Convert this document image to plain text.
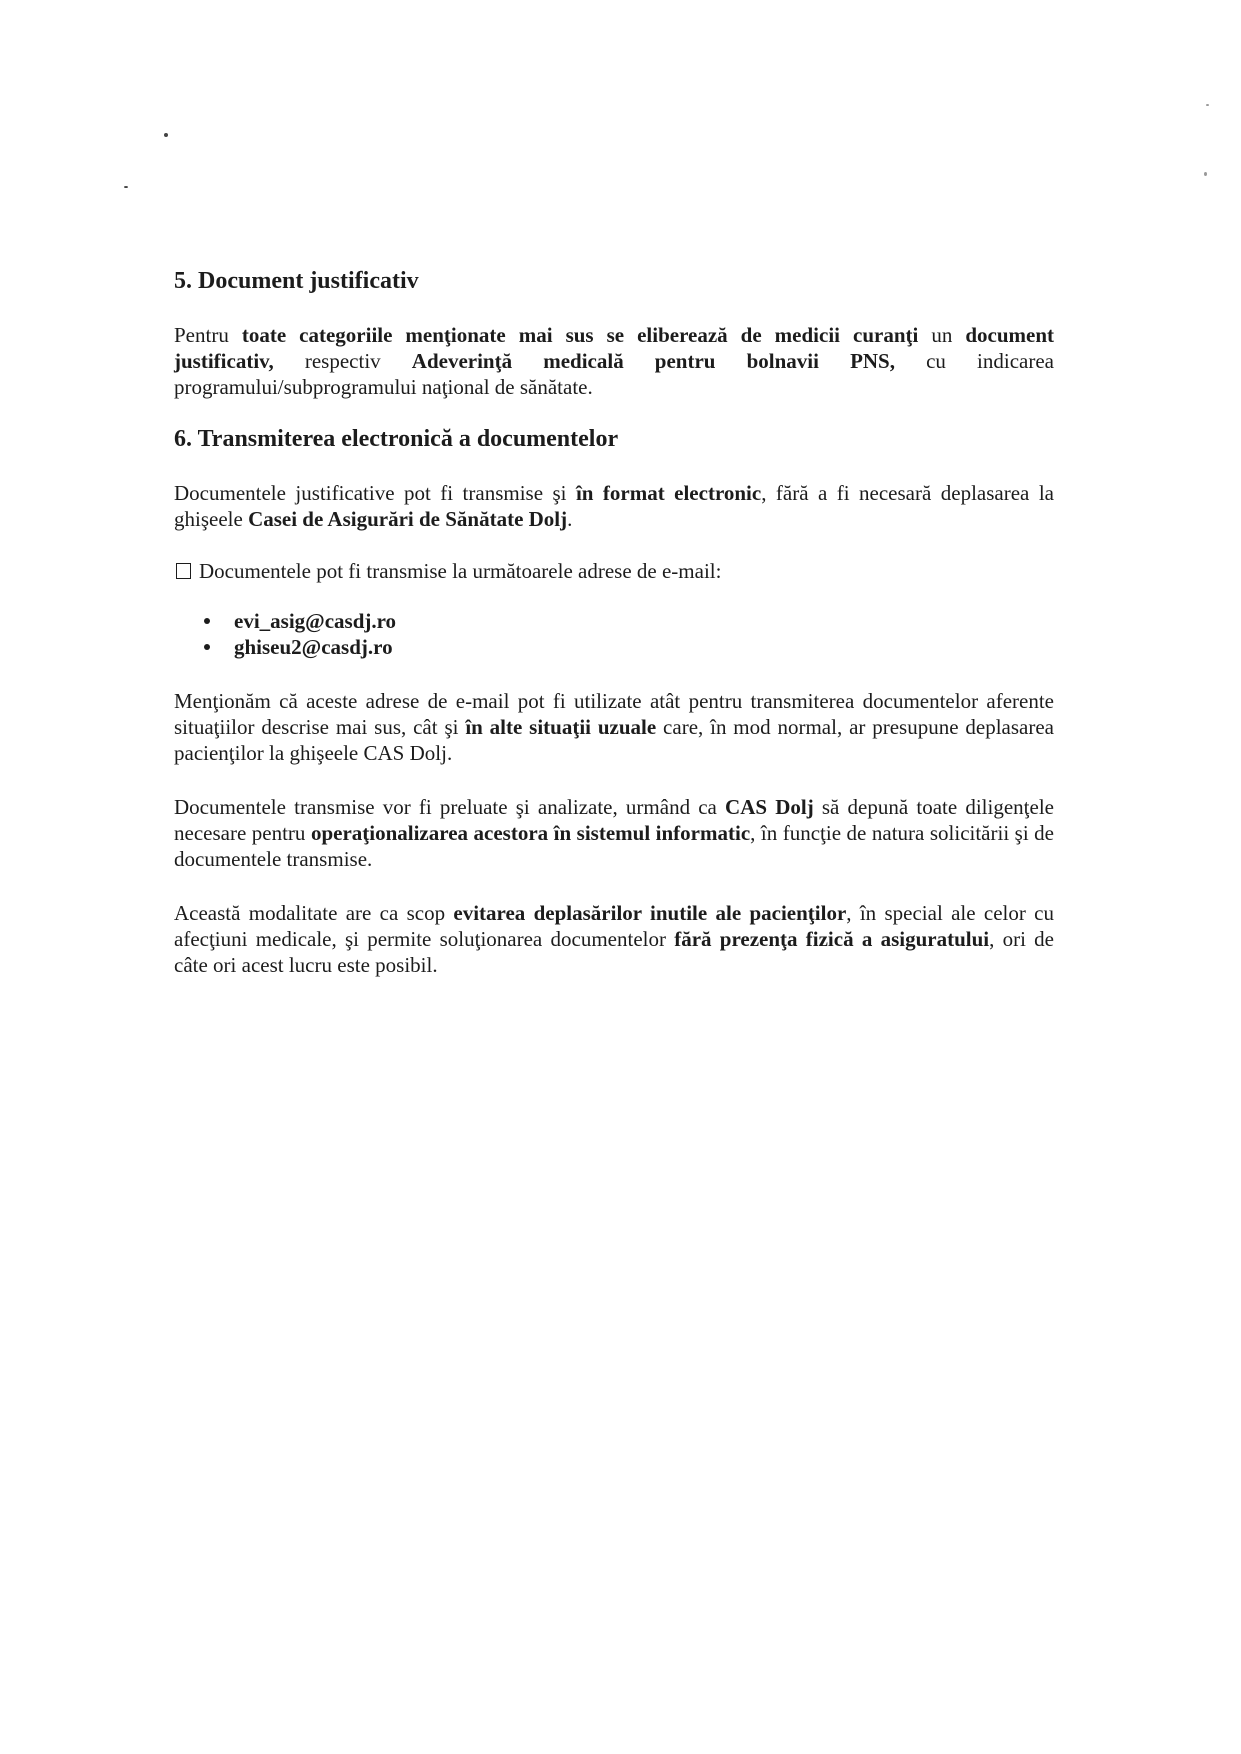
5. Document justificativ

Pentru toate categoriile menţionate mai sus se eliberează de medicii curanţi un document justificativ, respectiv Adeverinţă medicală pentru bolnavii PNS, cu indicarea programului/subprogramului naţional de sănătate.

6. Transmiterea electronică a documentelor

Documentele justificative pot fi transmise şi în format electronic, fără a fi necesară deplasarea la ghişeele Casei de Asigurări de Sănătate Dolj.

Documentele pot fi transmise la următoarele adrese de e-mail:
evi_asig@casdj.ro
ghiseu2@casdj.ro

Menţionăm că aceste adrese de e-mail pot fi utilizate atât pentru transmiterea documentelor aferente situaţiilor descrise mai sus, cât şi în alte situaţii uzuale care, în mod normal, ar presupune deplasarea pacienţilor la ghişeele CAS Dolj.

Documentele transmise vor fi preluate şi analizate, urmând ca CAS Dolj să depună toate diligenţele necesare pentru operaţionalizarea acestora în sistemul informatic, în funcţie de natura solicitării şi de documentele transmise.

Această modalitate are ca scop evitarea deplasărilor inutile ale pacienţilor, în special ale celor cu afecţiuni medicale, şi permite soluţionarea documentelor fără prezenţa fizică a asiguratului, ori de câte ori acest lucru este posibil.
